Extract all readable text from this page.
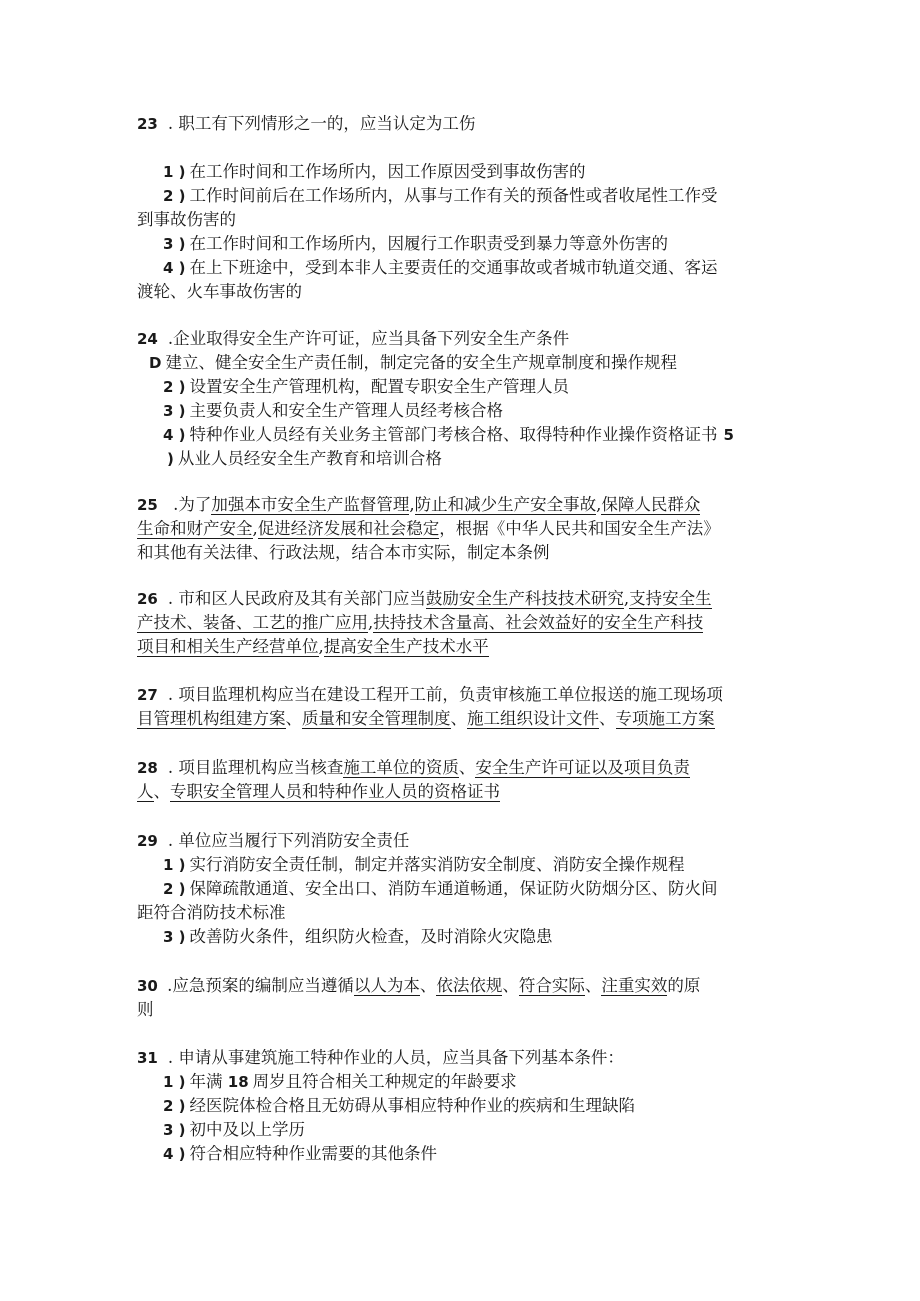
23 . 职工有下列情形之一的，应当认定为工伤
1 ) 在工作时间和工作场所内，因工作原因受到事故伤害的
2 ) 工作时间前后在工作场所内，从事与工作有关的预备性或者收尾性工作受
到事故伤害的
3 ) 在工作时间和工作场所内，因履行工作职责受到暴力等意外伤害的
4 ) 在上下班途中，受到本非人主要责任的交通事故或者城市轨道交通、客运
渡轮、火车事故伤害的
24 .企业取得安全生产许可证，应当具备下列安全生产条件
D 建立、健全安全生产责任制，制定完备的安全生产规章制度和操作规程
2 ) 设置安全生产管理机构，配置专职安全生产管理人员
3 ) 主要负责人和安全生产管理人员经考核合格
4 ) 特种作业人员经有关业务主管部门考核合格、取得特种作业操作资格证书 5
) 从业人员经安全生产教育和培训合格
25 .为了加强本市安全生产监督管理,防止和减少生产安全事故,保障人民群众
生命和财产安全,促进经济发展和社会稳定，根据《中华人民共和国安全生产法》
和其他有关法律、行政法规，结合本市实际，制定本条例
26 . 市和区人民政府及其有关部门应当鼓励安全生产科技技术研究,支持安全生
产技术、装备、工艺的推广应用,扶持技术含量高、社会效益好的安全生产科技
项目和相关生产经营单位,提高安全生产技术水平
27 . 项目监理机构应当在建设工程开工前，负责审核施工单位报送的施工现场项
目管理机构组建方案、质量和安全管理制度、施工组织设计文件、专项施工方案
28 . 项目监理机构应当核查施工单位的资质、安全生产许可证以及项目负责
人、专职安全管理人员和特种作业人员的资格证书
29 . 单位应当履行下列消防安全责任
1 ) 实行消防安全责任制，制定并落实消防安全制度、消防安全操作规程
2 ) 保障疏散通道、安全出口、消防车通道畅通，保证防火防烟分区、防火间
距符合消防技术标准
3 ) 改善防火条件，组织防火检查，及时消除火灾隐患
30 .应急预案的编制应当遵循以人为本、依法依规、符合实际、注重实效的原
则
31 . 申请从事建筑施工特种作业的人员，应当具备下列基本条件：
1 ) 年满 18 周岁且符合相关工种规定的年龄要求
2 ) 经医院体检合格且无妨碍从事相应特种作业的疾病和生理缺陷
3 ) 初中及以上学历
4 ) 符合相应特种作业需要的其他条件
